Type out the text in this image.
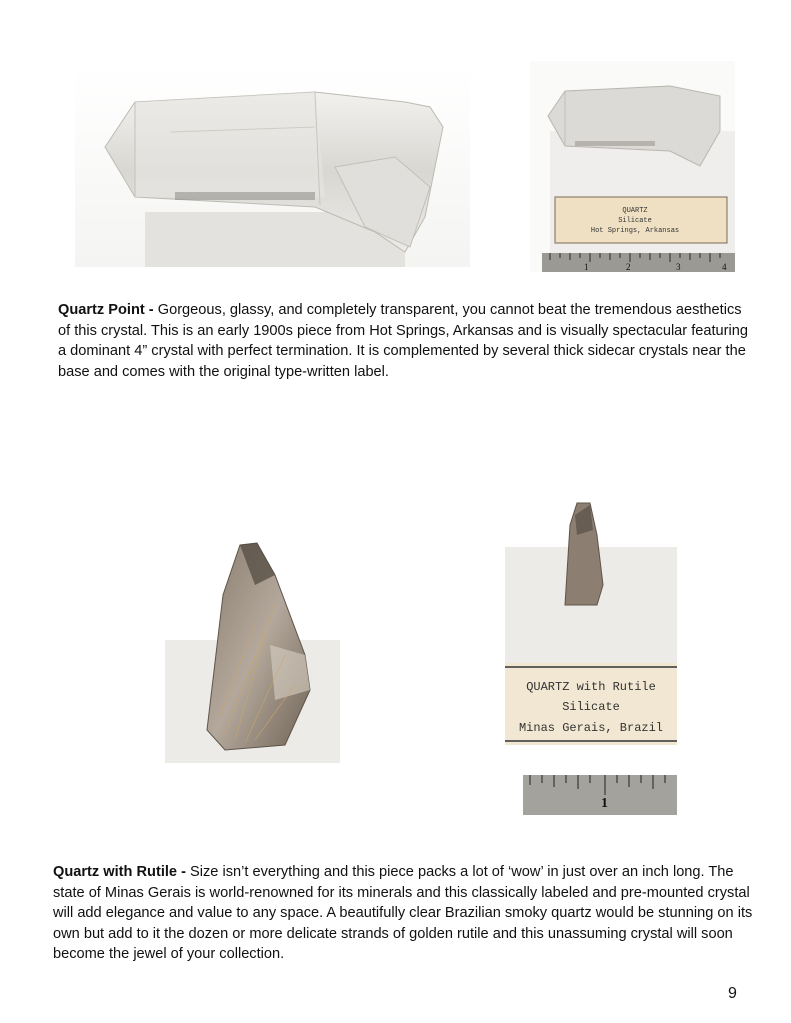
QUARTZ
Silicate
Hot Springs, Arkansas
1	2	3	4

Quartz Point - Gorgeous, glassy, and completely transparent, you cannot beat the tremendous aesthetics of this crystal. This is an early 1900s piece from Hot Springs, Arkansas and is visually spectacular featuring a dominant 4” crystal with perfect termination. It is complemented by several thick sidecar crystals near the base and comes with the original type-written label.

QUARTZ with Rutile
Silicate
Minas Gerais, Brazil
1

Quartz with Rutile - Size isn’t everything and this piece packs a lot of ‘wow’ in just over an inch long. The state of Minas Gerais is world-renowned for its minerals and this classically labeled and pre-mounted crystal will add elegance and value to any space. A beautifully clear Brazilian smoky quartz would be stunning on its own but add to it the dozen or more delicate strands of golden rutile and this unassuming crystal will soon become the jewel of your collection.

9
